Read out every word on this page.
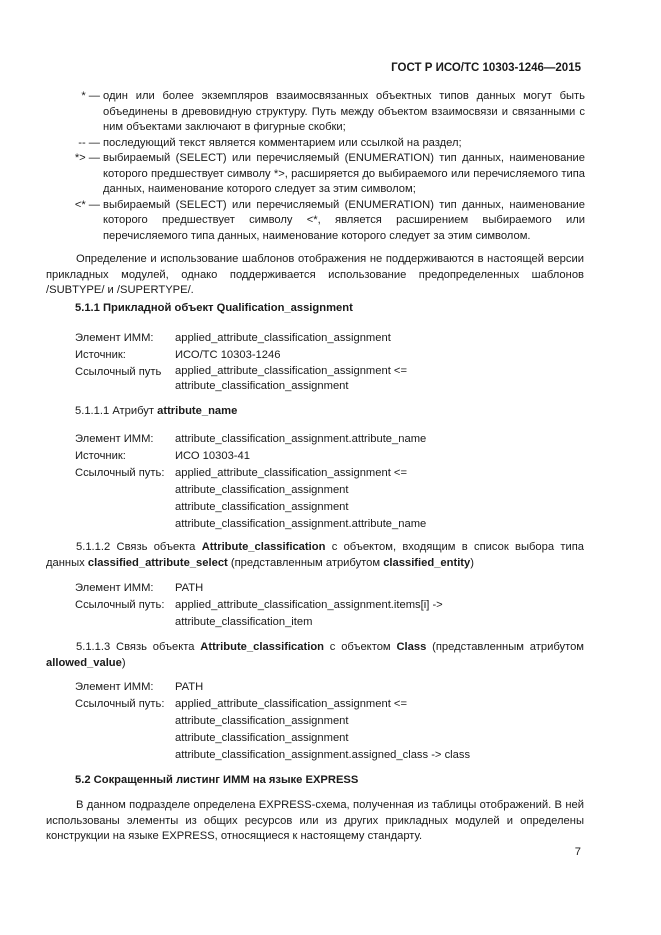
ГОСТ Р ИСО/ТС 10303-1246—2015
* — один или более экземпляров взаимосвязанных объектных типов данных могут быть объединены в древовидную структуру. Путь между объектом взаимосвязи и связанными с ним объектами заключают в фигурные скобки;
-- — последующий текст является комментарием или ссылкой на раздел;
*> — выбираемый (SELECT) или перечисляемый (ENUMERATION) тип данных, наименование которого предшествует символу *>, расширяется до выбираемого или перечисляемого типа данных, наименование которого следует за этим символом;
<* — выбираемый (SELECT) или перечисляемый (ENUMERATION) тип данных, наименование которого предшествует символу <*, является расширением выбираемого или перечисляемого типа данных, наименование которого следует за этим символом.
Определение и использование шаблонов отображения не поддерживаются в настоящей версии прикладных модулей, однако поддерживается использование предопределенных шаблонов /SUBTYPE/ и /SUPERTYPE/.
5.1.1 Прикладной объект Qualification_assignment
Элемент ИММ:	applied_attribute_classification_assignment
Источник:	ИСО/ТС 10303-1246
Ссылочный путь	applied_attribute_classification_assignment <=
attribute_classification_assignment
5.1.1.1 Атрибут attribute_name
Элемент ИММ:	attribute_classification_assignment.attribute_name
Источник:	ИСО 10303-41
Ссылочный путь: applied_attribute_classification_assignment <=
attribute_classification_assignment
attribute_classification_assignment
attribute_classification_assignment.attribute_name
5.1.1.2 Связь объекта Attribute_classification с объектом, входящим в список выбора типа данных classified_attribute_select (представленным атрибутом classified_entity)
Элемент ИММ:	PATH
Ссылочный путь: applied_attribute_classification_assignment.items[i] ->
attribute_classification_item
5.1.1.3 Связь объекта Attribute_classification с объектом Class (представленным атрибутом allowed_value)
Элемент ИММ:	PATH
Ссылочный путь: applied_attribute_classification_assignment <=
attribute_classification_assignment
attribute_classification_assignment
attribute_classification_assignment.assigned_class -> class
5.2 Сокращенный листинг ИММ на языке EXPRESS
В данном подразделе определена EXPRESS-схема, полученная из таблицы отображений. В ней использованы элементы из общих ресурсов или из других прикладных модулей и определены конструкции на языке EXPRESS, относящиеся к настоящему стандарту.
7
